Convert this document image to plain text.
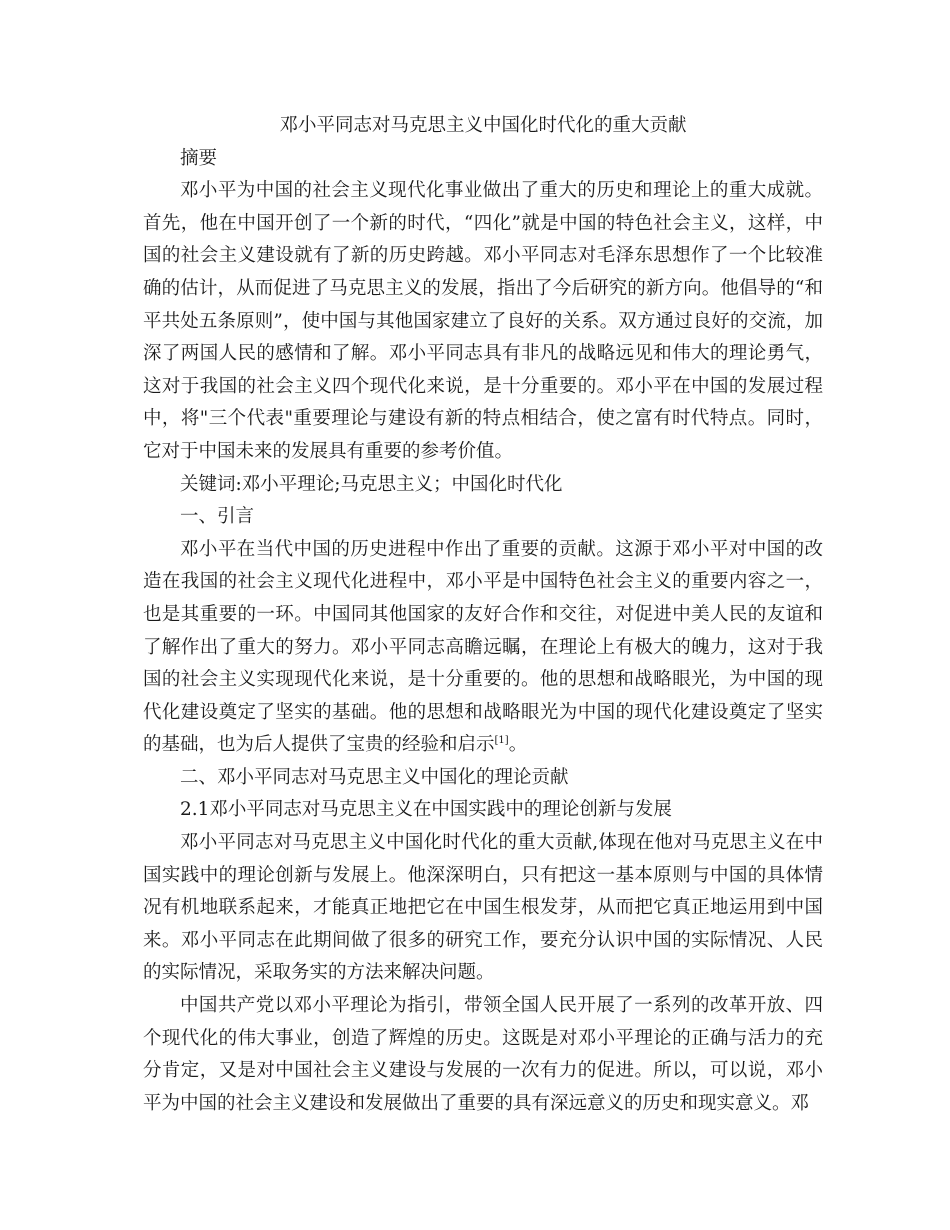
邓小平同志对马克思主义中国化时代化的重大贡献

摘要

邓小平为中国的社会主义现代化事业做出了重大的历史和理论上的重大成就。首先，他在中国开创了一个新的时代，“四化”就是中国的特色社会主义，这样，中国的社会主义建设就有了新的历史跨越。邓小平同志对毛泽东思想作了一个比较准确的估计，从而促进了马克思主义的发展，指出了今后研究的新方向。他倡导的“和平共处五条原则”，使中国与其他国家建立了良好的关系。双方通过良好的交流，加深了两国人民的感情和了解。邓小平同志具有非凡的战略远见和伟大的理论勇气，这对于我国的社会主义四个现代化来说，是十分重要的。邓小平在中国的发展过程中，将"三个代表"重要理论与建设有新的特点相结合，使之富有时代特点。同时，它对于中国未来的发展具有重要的参考价值。

关键词:邓小平理论;马克思主义；中国化时代化

一、引言

邓小平在当代中国的历史进程中作出了重要的贡献。这源于邓小平对中国的改造在我国的社会主义现代化进程中，邓小平是中国特色社会主义的重要内容之一，也是其重要的一环。中国同其他国家的友好合作和交往，对促进中美人民的友谊和了解作出了重大的努力。邓小平同志高瞻远瞩，在理论上有极大的魄力，这对于我国的社会主义实现现代化来说，是十分重要的。他的思想和战略眼光，为中国的现代化建设奠定了坚实的基础。他的思想和战略眼光为中国的现代化建设奠定了坚实的基础，也为后人提供了宝贵的经验和启示[1]。

二、邓小平同志对马克思主义中国化的理论贡献

2.1邓小平同志对马克思主义在中国实践中的理论创新与发展

邓小平同志对马克思主义中国化时代化的重大贡献,体现在他对马克思主义在中国实践中的理论创新与发展上。他深深明白，只有把这一基本原则与中国的具体情况有机地联系起来，才能真正地把它在中国生根发芽，从而把它真正地运用到中国来。邓小平同志在此期间做了很多的研究工作，要充分认识中国的实际情况、人民的实际情况，采取务实的方法来解决问题。

中国共产党以邓小平理论为指引，带领全国人民开展了一系列的改革开放、四个现代化的伟大事业，创造了辉煌的历史。这既是对邓小平理论的正确与活力的充分肯定，又是对中国社会主义建设与发展的一次有力的促进。所以，可以说，邓小平为中国的社会主义建设和发展做出了重要的具有深远意义的历史和现实意义。邓
